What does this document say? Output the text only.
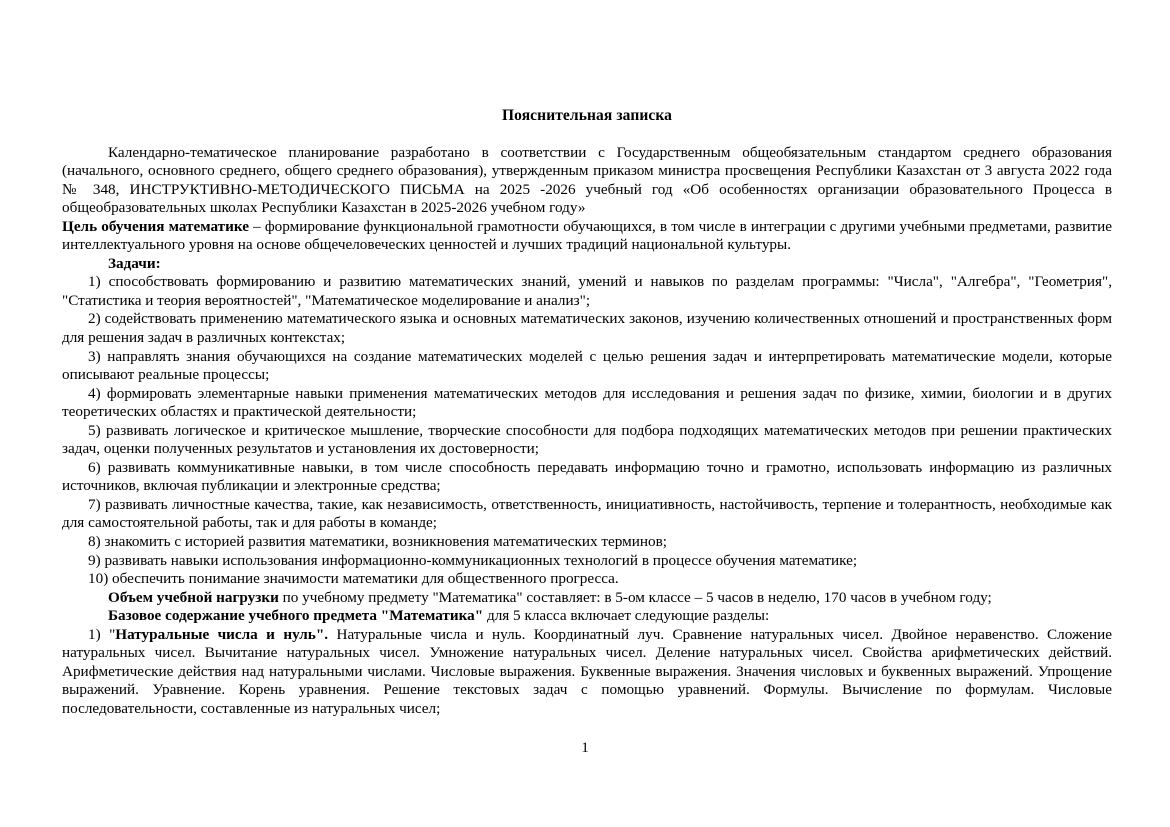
Пояснительная записка

Календарно-тематическое планирование разработано в соответствии с Государственным общеобязательным стандартом среднего образования (начального, основного среднего, общего среднего образования), утвержденным приказом министра просвещения Республики Казахстан от 3 августа 2022 года № 348, ИНСТРУКТИВНО-МЕТОДИЧЕСКОГО ПИСЬМА на 2025 -2026 учебный год «Об особенностях организации образовательного Процесса в общеобразовательных школах Республики Казахстан в 2025-2026 учебном году»

Цель обучения математике – формирование функциональной грамотности обучающихся, в том числе в интеграции с другими учебными предметами, развитие интеллектуального уровня на основе общечеловеческих ценностей и лучших традиций национальной культуры.

Задачи:

1) способствовать формированию и развитию математических знаний, умений и навыков по разделам программы: "Числа", "Алгебра", "Геометрия", "Статистика и теория вероятностей", "Математическое моделирование и анализ";

2) содействовать применению математического языка и основных математических законов, изучению количественных отношений и пространственных форм для решения задач в различных контекстах;

3) направлять знания обучающихся на создание математических моделей с целью решения задач и интерпретировать математические модели, которые описывают реальные процессы;

4) формировать элементарные навыки применения математических методов для исследования и решения задач по физике, химии, биологии и в других теоретических областях и практической деятельности;

5) развивать логическое и критическое мышление, творческие способности для подбора подходящих математических методов при решении практических задач, оценки полученных результатов и установления их достоверности;

6) развивать коммуникативные навыки, в том числе способность передавать информацию точно и грамотно, использовать информацию из различных источников, включая публикации и электронные средства;

7) развивать личностные качества, такие, как независимость, ответственность, инициативность, настойчивость, терпение и толерантность, необходимые как для самостоятельной работы, так и для работы в команде;

8) знакомить с историей развития математики, возникновения математических терминов;

9) развивать навыки использования информационно-коммуникационных технологий в процессе обучения математике;

10) обеспечить понимание значимости математики для общественного прогресса.

Объем учебной нагрузки по учебному предмету "Математика" составляет: в 5-ом классе – 5 часов в неделю, 170 часов в учебном году;

Базовое содержание учебного предмета "Математика" для 5 класса включает следующие разделы:

1) "Натуральные числа и нуль". Натуральные числа и нуль. Координатный луч. Сравнение натуральных чисел. Двойное неравенство. Сложение натуральных чисел. Вычитание натуральных чисел. Умножение натуральных чисел. Деление натуральных чисел. Свойства арифметических действий. Арифметические действия над натуральными числами. Числовые выражения. Буквенные выражения. Значения числовых и буквенных выражений. Упрощение выражений. Уравнение. Корень уравнения. Решение текстовых задач с помощью уравнений. Формулы. Вычисление по формулам. Числовые последовательности, составленные из натуральных чисел;

1
